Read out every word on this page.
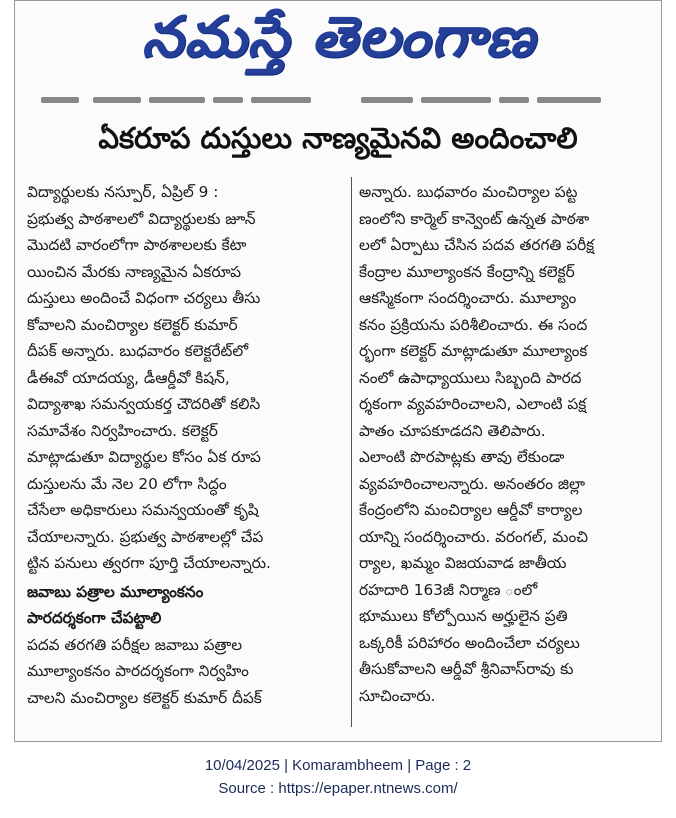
నమస్తే తెలంగాణ
ఏకరూప దుస్తులు నాణ్యమైనవి అందించాలి
విద్యార్థులకు నస్పూర్, ఏప్రిల్ 9 :
ప్రభుత్వ పాఠశాలలో విద్యార్థులకు జూన్
మొదటి వారంలోగా పాఠశాలలకు కేటా
యించిన మేరకు నాణ్యమైన ఏకరూప
దుస్తులు అందించే విధంగా చర్యలు తీసు
కోవాలని మంచిర్యాల కలెక్టర్ కుమార్
దీపక్ అన్నారు. బుధవారం కలెక్టరేట్‌లో
డీఈవో యాదయ్య, డీఆర్డీవో కిషన్,
విద్యాశాఖ సమన్వయకర్త చౌదరితో కలిసి
సమావేశం నిర్వహించారు. కలెక్టర్
మాట్లాడుతూ విద్యార్థుల కోసం ఏక రూప
దుస్తులను మే నెల 20 లోగా సిద్ధం
చేసేలా అధికారులు సమన్వయంతో కృషి
చేయాలన్నారు. ప్రభుత్వ పాఠశాలల్లో చేప
ట్టిన పనులు త్వరగా పూర్తి చేయాలన్నారు.
జవాబు పత్రాల మూల్యాంకనం
పారదర్శకంగా చేపట్టాలి
పదవ తరగతి పరీక్షల జవాబు పత్రాల
మూల్యాంకనం పారదర్శకంగా నిర్వహిం
చాలని మంచిర్యాల కలెక్టర్ కుమార్ దీపక్
అన్నారు. బుధవారం మంచిర్యాల పట్ట
ణంలోని కార్మెల్ కాన్వెంట్ ఉన్నత పాఠశా
లలో ఏర్పాటు చేసిన పదవ తరగతి పరీక్ష
కేంద్రాల మూల్యాంకన కేంద్రాన్ని కలెక్టర్
ఆకస్మికంగా సందర్శించారు. మూల్యాం
కనం ప్రక్రియను పరిశీలించారు. ఈ సంద
ర్భంగా కలెక్టర్ మాట్లాడుతూ మూల్యాంక
నంలో ఉపాధ్యాయులు సిబ్బంది పారద
ర్శకంగా వ్యవహరించాలని, ఎలాంటి పక్ష
పాతం చూపకూడదని తెలిపారు.
ఎలాంటి పొరపాట్లకు తావు లేకుండా
వ్యవహరించాలన్నారు. అనంతరం జిల్లా
కేంద్రంలోని మంచిర్యాల ఆర్డీవో కార్యాల
యాన్ని సందర్శించారు. వరంగల్, మంచి
ర్యాల, ఖమ్మం విజయవాడ జాతీయ
రహదారి 163జీ నిర్మాణ ంలో
భూములు కోల్పోయిన అర్హులైన ప్రతి
ఒక్కరికీ పరిహారం అందించేలా చర్యలు
తీసుకోవాలని ఆర్డీవో శ్రీనివాస్‌రావు కు
సూచించారు.
10/04/2025 | Komarambheem | Page : 2
Source : https://epaper.ntnews.com/
